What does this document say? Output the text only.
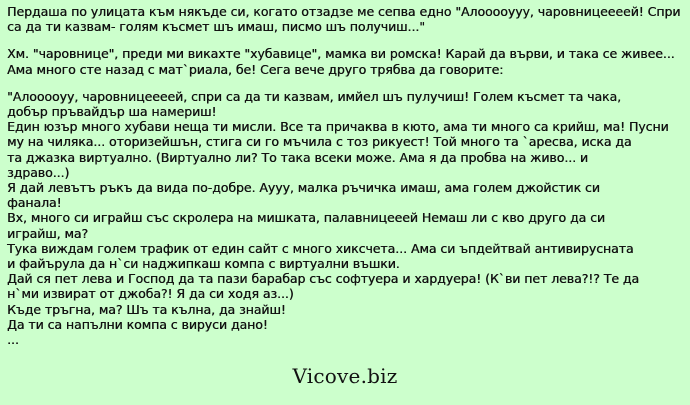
Пердаша по улицата към някъде си, когато отзадзе ме сепва едно "Алооооууу, чаровницеееей! Спри са да ти казвам- голям късмет шъ имаш, писмо шъ получиш..."
Хм. "чаровнице", преди ми викахте "хубавице", мамка ви ромска! Карай да върви, и така се живее... Ама много сте назад с мат`риала, бе! Сега вече друго трябва да говорите:
"Алооооуу, чаровницеееей, спри са да ти казвам, имйел шъ пулучиш! Голем късмет та чака,
добър пръвайдър ша намериш!
Един юзър много хубави неща ти мисли. Все та причаква в кюто, ама ти много са крийш, ма! Пусни
му на чиляка... оторизейшън, стига си го мъчила с тоз рикуест! Той много та `аресва, иска да
та джазка виртуално. (Виртуално ли? То така всеки може. Ама я да пробва на живо... и
здраво...)
Я дай левътъ ръкъ да вида по-добре. Аууу, малка ръчичка имаш, ама голем джойстик си
фанала!
Вх, много си играйш със скролера на мишката, палавницееей Немаш ли с кво друго да си
играйш, ма?
Тука виждам голем трафик от един сайт с много хиксчета... Ама си ъпдейтвай антивирусната
и файърула да н`си наджипкаш компа с виртуални въшки.
Дай ся пет лева и Господ да та пази барабар със софтуера и хардуера! (К`ви пет лева?!? Те да
н`ми извират от джоба?! Я да си ходя аз...)
Къде тръгна, ма? Шъ та кълна, да знайш!
Да ти са напълни компа с вируси дано!
...
Vicove.biz
